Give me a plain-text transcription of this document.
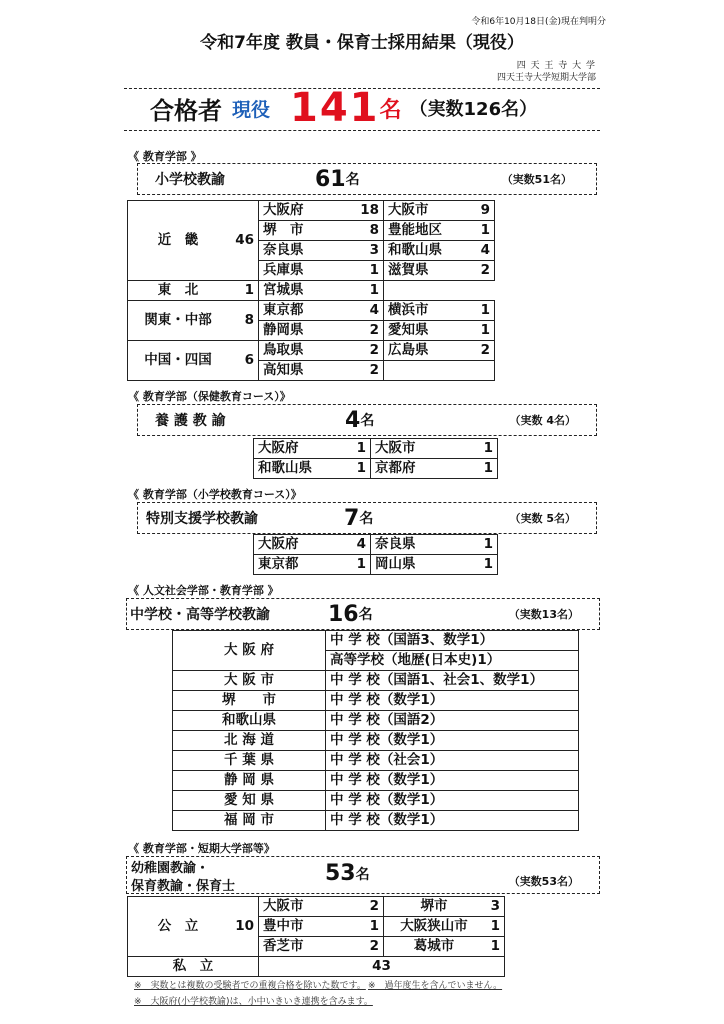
令和6年10月18日(金)現在判明分
令和7年度 教員・保育士採用結果（現役）
四 天 王 寺 大 学
四天王寺大学短期大学部
合格者 現役 141 名 （実数126名）
《 教育学部 》
小学校教諭	61 名	（実数51名）
近　畿	46	大阪府	18	大阪市	9
		堺　市	8	豊能地区	1
		奈良県	3	和歌山県	4
		兵庫県	1	滋賀県	2
東　北	1	宮城県	1		
関東・中部	8	東京都	4	横浜市	1
		静岡県	2	愛知県	1
中国・四国	6	鳥取県	2	広島県	2
		高知県	2		
《 教育学部（保健教育コース）》
養 護 教 諭	4 名	（実数 4名）
大阪府	1	大阪市	1
和歌山県	1	京都府	1
《 教育学部（小学校教育コース）》
特別支援学校教諭	7 名	（実数 5名）
大阪府	4	奈良県	1
東京都	1	岡山県	1
《 人文社会学部・教育学部 》
中学校・高等学校教諭	16 名	（実数13名）
大 阪 府	中 学 校（国語3、数学1）
	高等学校（地歴(日本史)1）
大 阪 市	中 学 校（国語1、社会1、数学1）
堺　　市	中 学 校（数学1）
和歌山県	中 学 校（国語2）
北 海 道	中 学 校（数学1）
千 葉 県	中 学 校（社会1）
静 岡 県	中 学 校（数学1）
愛 知 県	中 学 校（数学1）
福 岡 市	中 学 校（数学1）
《 教育学部・短期大学部等》
幼稚園教諭・
保育教諭・保育士
53 名	（実数53名）
公　立	10	大阪市	2	堺市	3
		豊中市	1	大阪狭山市	1
		香芝市	2	葛城市	1
私　立		43			
※　実数とは複数の受験者での重複合格を除いた数です。 ※　過年度生を含んでいません。
※　大阪府(小学校教諭)は、小中いきいき連携を含みます。
